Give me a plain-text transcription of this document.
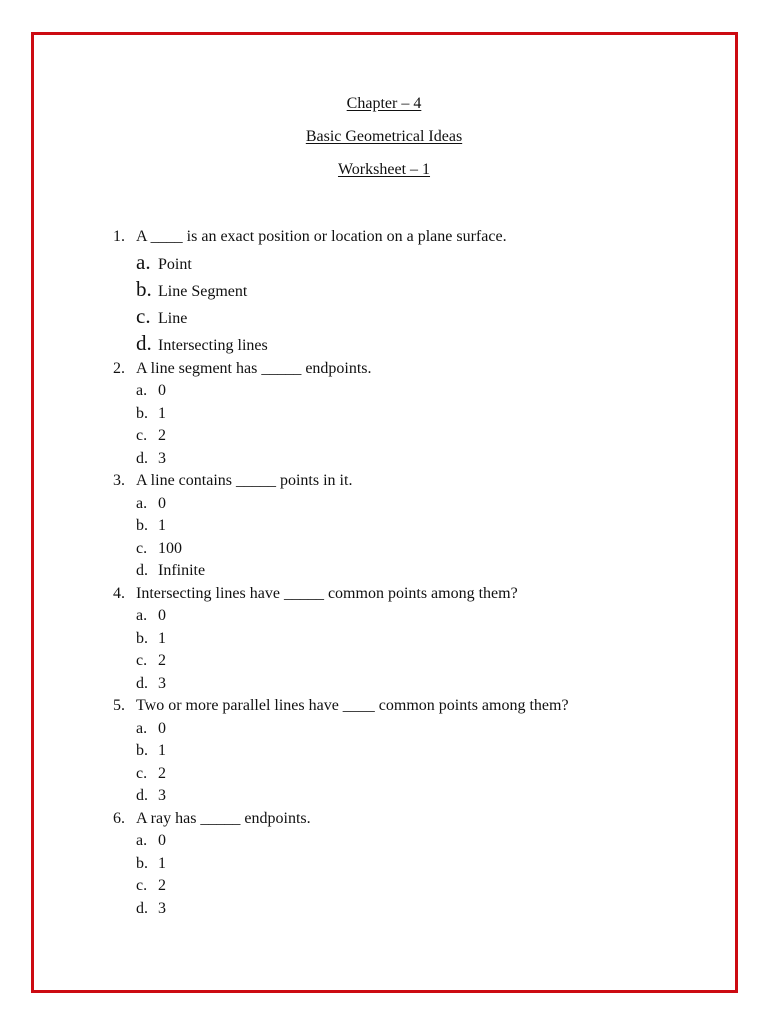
Chapter – 4
Basic Geometrical Ideas
Worksheet – 1
1. A ____ is an exact position or location on a plane surface.
a. Point
b. Line Segment
c. Line
d. Intersecting lines
2. A line segment has _____ endpoints.
a. 0
b. 1
c. 2
d. 3
3. A line contains _____ points in it.
a. 0
b. 1
c. 100
d. Infinite
4. Intersecting lines have _____ common points among them?
a. 0
b. 1
c. 2
d. 3
5. Two or more parallel lines have ____ common points among them?
a. 0
b. 1
c. 2
d. 3
6. A ray has _____ endpoints.
a. 0
b. 1
c. 2
d. 3
